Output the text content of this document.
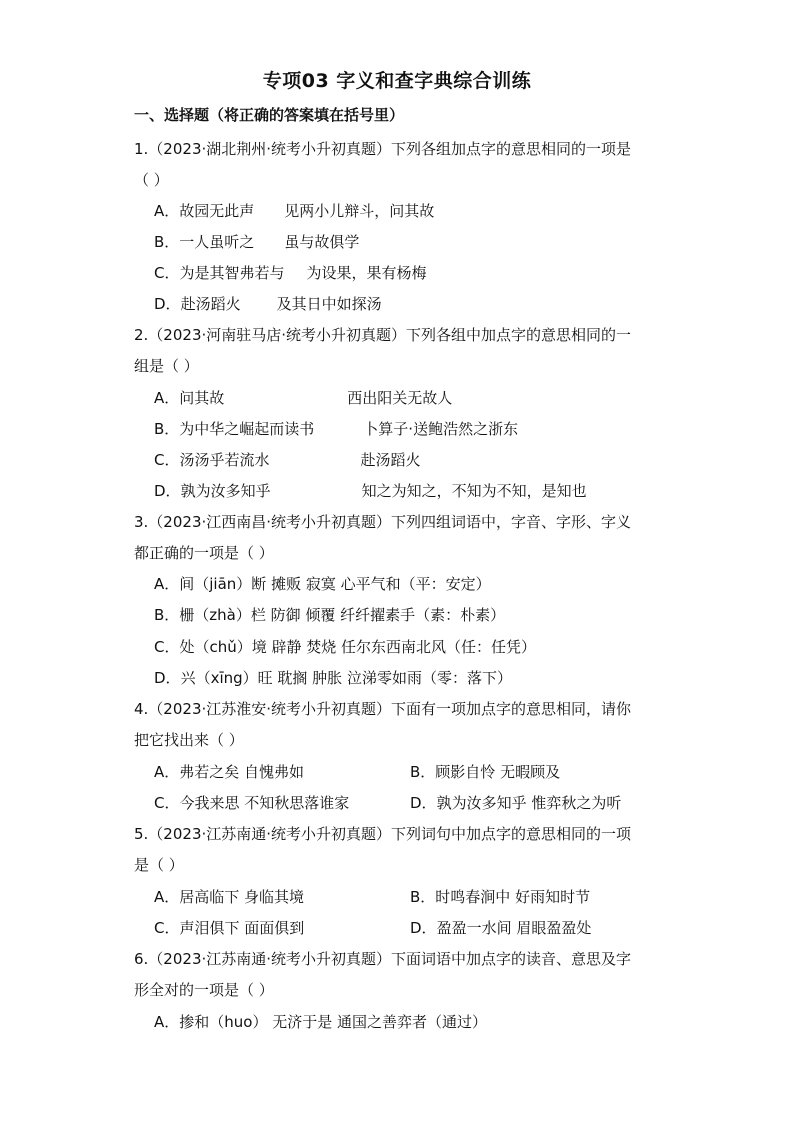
专项03 字义和查字典综合训练
一、选择题（将正确的答案填在括号里）
1.（2023·湖北荆州·统考小升初真题）下列各组加点字的意思相同的一项是
（ ）
A．故园无此声 见两小儿辩斗，问其故
B．一人虽听之 虽与故俱学
C．为是其智弗若与 为设果，果有杨梅
D．赴汤蹈火 及其日中如探汤
2.（2023·河南驻马店·统考小升初真题）下列各组中加点字的意思相同的一
组是（ ）
A．问其故	西出阳关无故人
B．为中华之崛起而读书	卜算子·送鲍浩然之浙东
C．汤汤乎若流水	赴汤蹈火
D．孰为汝多知乎	知之为知之，不知为不知，是知也
3.（2023·江西南昌·统考小升初真题）下列四组词语中，字音、字形、字义
都正确的一项是（ ）
A．间（jiān）断 摊贩 寂寞 心平气和（平：安定）
B．栅（zhà）栏 防御 倾覆 纤纤擢素手（素：朴素）
C．处（chǔ）境 辟静 焚烧 任尔东西南北风（任：任凭）
D．兴（xīng）旺 耽搁 肿胀 泣涕零如雨（零：落下）
4.（2023·江苏淮安·统考小升初真题）下面有一项加点字的意思相同，请你
把它找出来（ ）
A．弗若之矣 自愧弗如	B．顾影自怜 无暇顾及
C．今我来思 不知秋思落谁家	D．孰为汝多知乎 惟弈秋之为听
5.（2023·江苏南通·统考小升初真题）下列词句中加点字的意思相同的一项
是（ ）
A．居高临下 身临其境	B．时鸣春涧中 好雨知时节
C．声泪俱下 面面俱到	D．盈盈一水间 眉眼盈盈处
6.（2023·江苏南通·统考小升初真题）下面词语中加点字的读音、意思及字
形全对的一项是（ ）
A．掺和（huo） 无济于是 通国之善弈者（通过）
